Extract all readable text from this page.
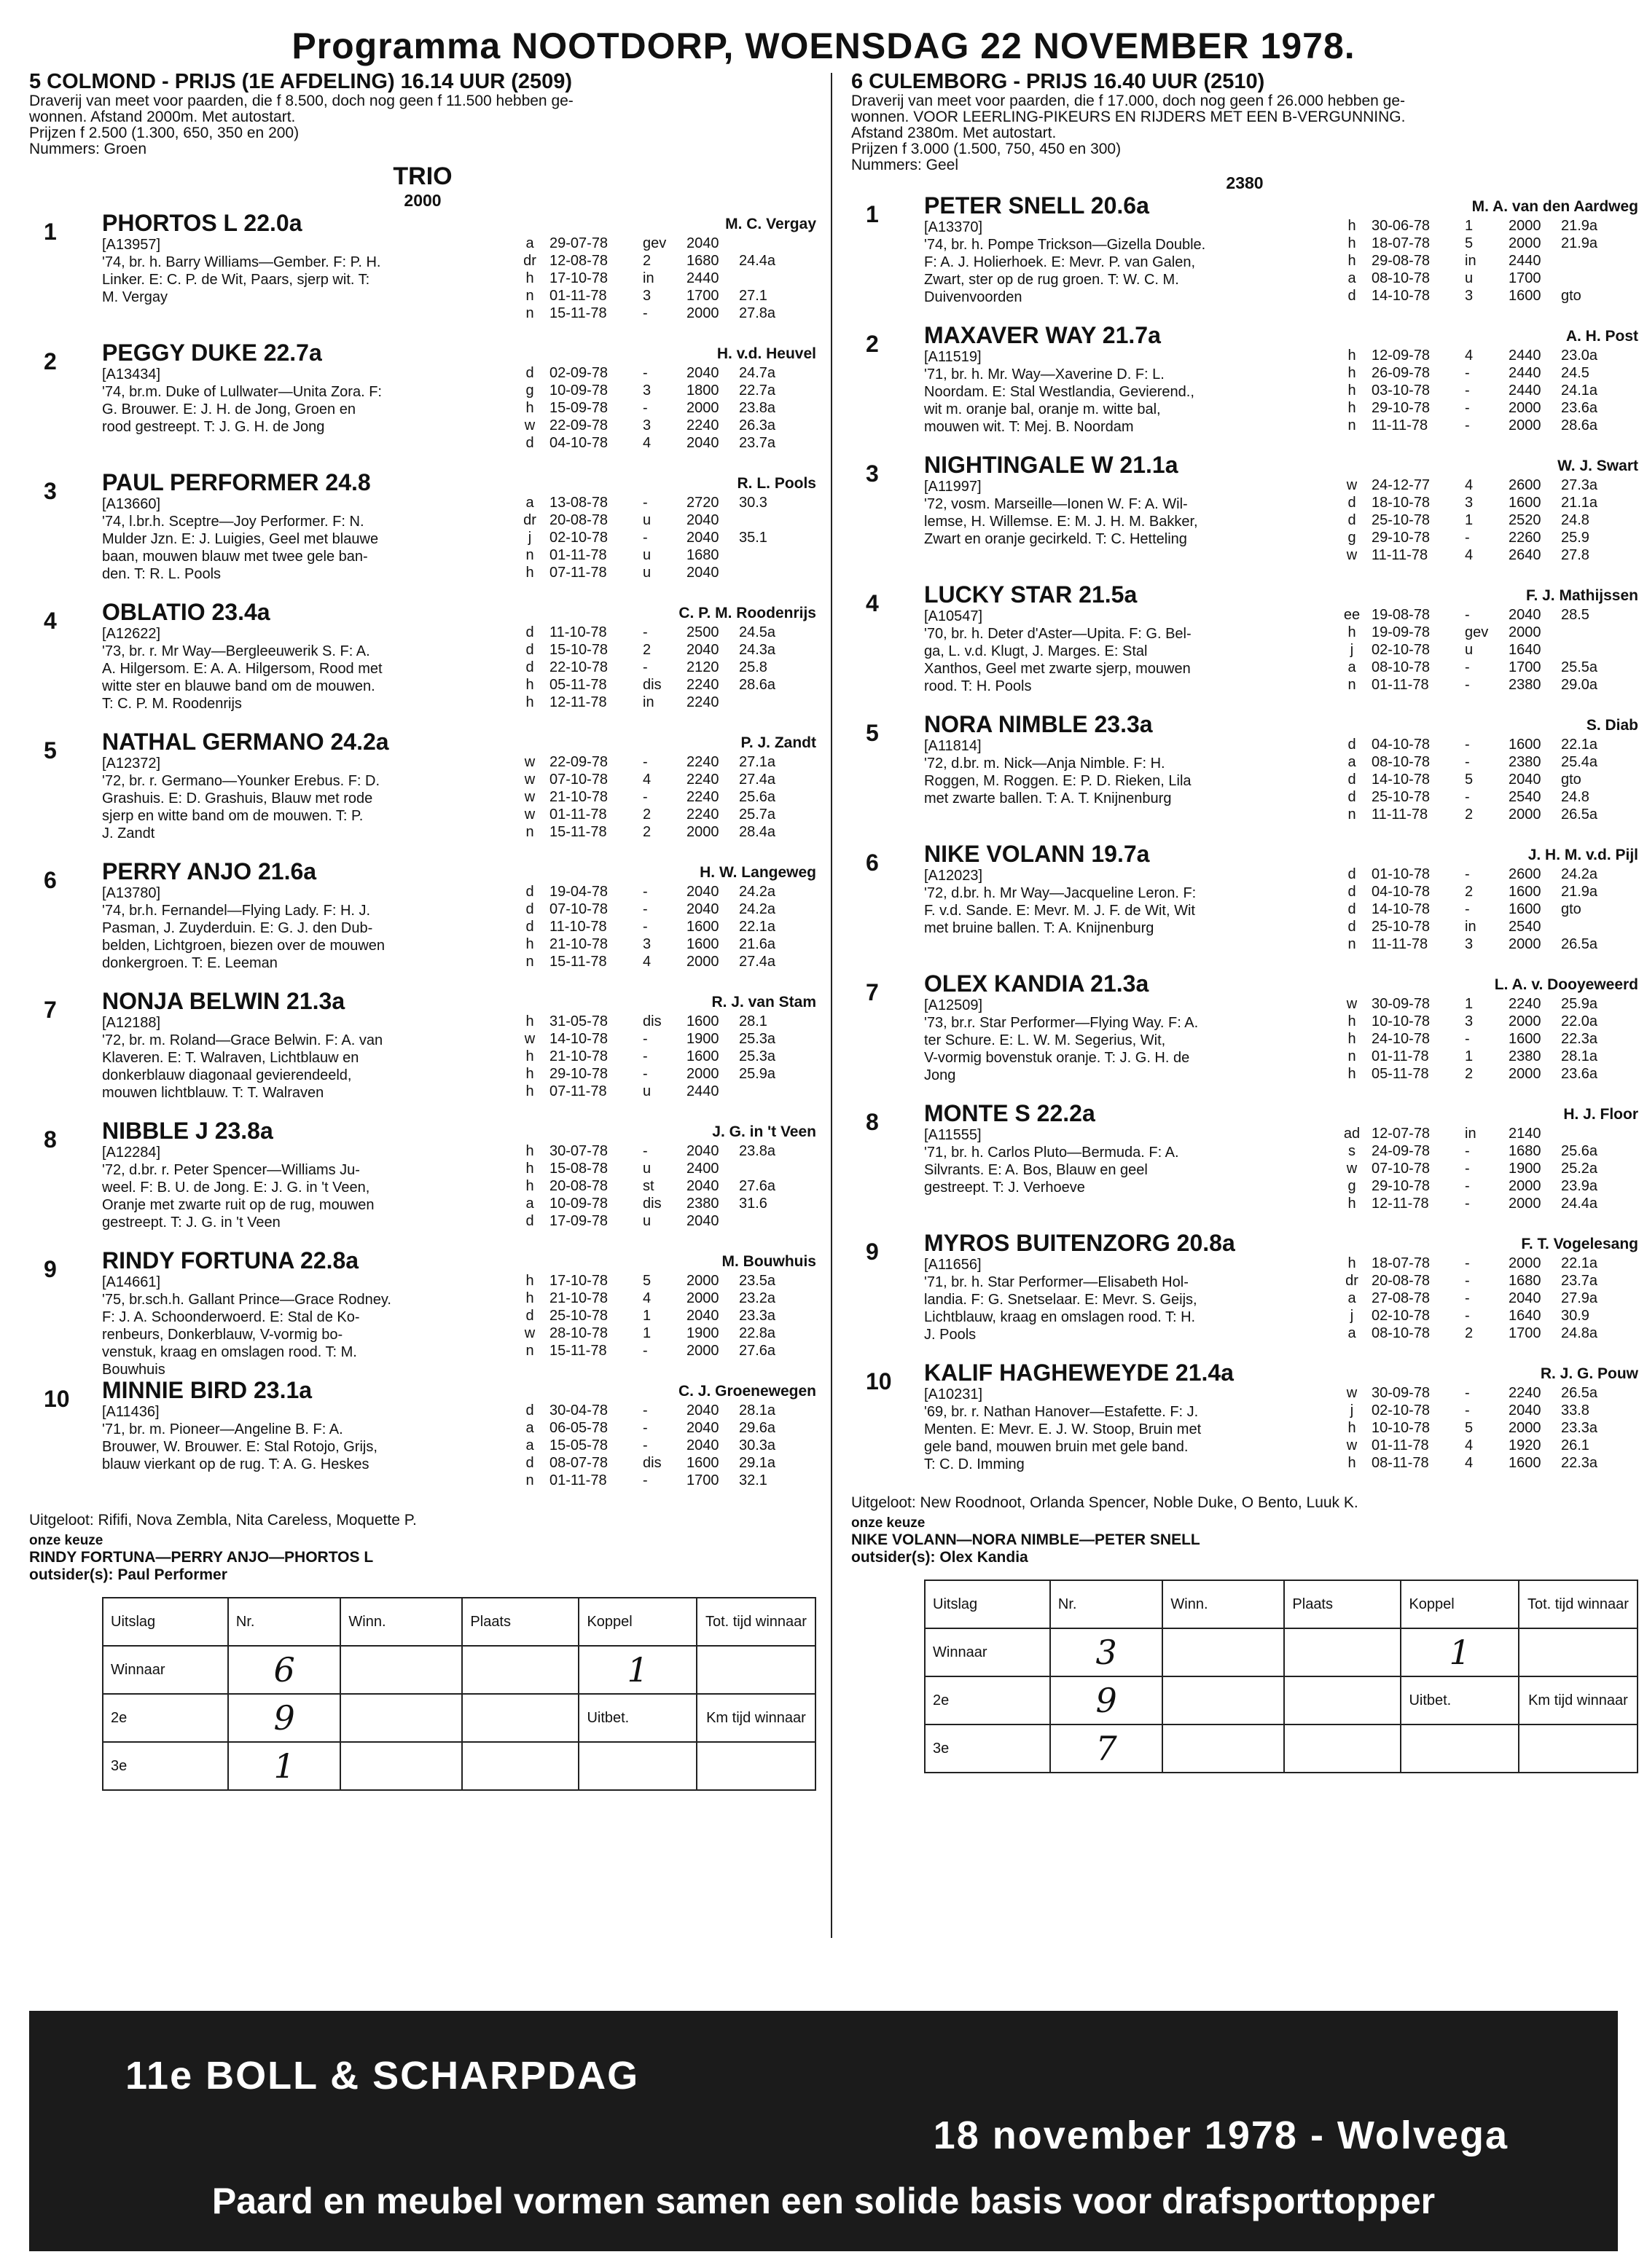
Programma NOOTDORP, WOENSDAG 22 NOVEMBER 1978.
5 COLMOND - PRIJS (1E AFDELING) 16.14 UUR (2509)
Draverij van meet voor paarden, die f 8.500, doch nog geen f 11.500 hebben ge-
wonnen. Afstand 2000m. Met autostart.
Prijzen f 2.500 (1.300, 650, 350 en 200)
Nummers: Groen
TRIO
2000
1 PHORTOS L 22.0a
[A13957]
'74, br. h. Barry Williams—Gember. F: P. H.
Linker. E: C. P. de Wit, Paars, sjerp wit. T:
M. Vergay
M. C. Vergay
a	29-07-78	gev	2040	
dr	12-08-78	2	1680	24.4a
h	17-10-78	in	2440	
n	01-11-78	3	1700	27.1
n	15-11-78	-	2000	27.8a
2 PEGGY DUKE 22.7a
[A13434]
'74, br.m. Duke of Lullwater—Unita Zora. F:
G. Brouwer. E: J. H. de Jong, Groen en
rood gestreept. T: J. G. H. de Jong
H. v.d. Heuvel
d	02-09-78	-	2040	24.7a
g	10-09-78	3	1800	22.7a
h	15-09-78	-	2000	23.8a
w	22-09-78	3	2240	26.3a
d	04-10-78	4	2040	23.7a
3 PAUL PERFORMER 24.8
[A13660]
'74, l.br.h. Sceptre—Joy Performer. F: N.
Mulder Jzn. E: J. Luigies, Geel met blauwe
baan, mouwen blauw met twee gele ban-
den. T: R. L. Pools
R. L. Pools
a	13-08-78	-	2720	30.3
dr	20-08-78	u	2040	
j	02-10-78	-	2040	35.1
n	01-11-78	u	1680	
h	07-11-78	u	2040	
4 OBLATIO 23.4a
[A12622]
'73, br. r. Mr Way—Bergleeuwerik S. F: A.
A. Hilgersom. E: A. A. Hilgersom, Rood met
witte ster en blauwe band om de mouwen.
T: C. P. M. Roodenrijs
C. P. M. Roodenrijs
d	11-10-78	-	2500	24.5a
d	15-10-78	2	2040	24.3a
d	22-10-78	-	2120	25.8
h	05-11-78	dis	2240	28.6a
h	12-11-78	in	2240	
5 NATHAL GERMANO 24.2a
[A12372]
'72, br. r. Germano—Younker Erebus. F: D.
Grashuis. E: D. Grashuis, Blauw met rode
sjerp en witte band om de mouwen. T: P.
J. Zandt
P. J. Zandt
w	22-09-78	-	2240	27.1a
w	07-10-78	4	2240	27.4a
w	21-10-78	-	2240	25.6a
w	01-11-78	2	2240	25.7a
n	15-11-78	2	2000	28.4a
6 PERRY ANJO 21.6a
[A13780]
'74, br.h. Fernandel—Flying Lady. F: H. J.
Pasman, J. Zuyderduin. E: G. J. den Dub-
belden, Lichtgroen, biezen over de mouwen
donkergroen. T: E. Leeman
H. W. Langeweg
d	19-04-78	-	2040	24.2a
d	07-10-78	-	2040	24.2a
d	11-10-78	-	1600	22.1a
h	21-10-78	3	1600	21.6a
n	15-11-78	4	2000	27.4a
7 NONJA BELWIN 21.3a
[A12188]
'72, br. m. Roland—Grace Belwin. F: A. van
Klaveren. E: T. Walraven, Lichtblauw en
donkerblauw diagonaal gevierendeeld,
mouwen lichtblauw. T: T. Walraven
R. J. van Stam
h	31-05-78	dis	1600	28.1
w	14-10-78	-	1900	25.3a
h	21-10-78	-	1600	25.3a
h	29-10-78	-	2000	25.9a
h	07-11-78	u	2440	
8 NIBBLE J 23.8a
[A12284]
'72, d.br. r. Peter Spencer—Williams Ju-
weel. F: B. U. de Jong. E: J. G. in 't Veen,
Oranje met zwarte ruit op de rug, mouwen
gestreept. T: J. G. in 't Veen
J. G. in 't Veen
h	30-07-78	-	2040	23.8a
h	15-08-78	u	2400	
h	20-08-78	st	2040	27.6a
a	10-09-78	dis	2380	31.6
d	17-09-78	u	2040	
9 RINDY FORTUNA 22.8a
[A14661]
'75, br.sch.h. Gallant Prince—Grace Rodney.
F: J. A. Schoonderwoerd. E: Stal de Ko-
renbeurs, Donkerblauw, V-vormig bo-
venstuk, kraag en omslagen rood. T: M.
Bouwhuis
M. Bouwhuis
h	17-10-78	5	2000	23.5a
h	21-10-78	4	2000	23.2a
d	25-10-78	1	2040	23.3a
w	28-10-78	1	1900	22.8a
n	15-11-78	-	2000	27.6a
10 MINNIE BIRD 23.1a
[A11436]
'71, br. m. Pioneer—Angeline B. F: A.
Brouwer, W. Brouwer. E: Stal Rotojo, Grijs,
blauw vierkant op de rug. T: A. G. Heskes
C. J. Groenewegen
d	30-04-78	-	2040	28.1a
a	06-05-78	-	2040	29.6a
a	15-05-78	-	2040	30.3a
d	08-07-78	dis	1600	29.1a
n	01-11-78	-	1700	32.1
Uitgeloot: Rififi, Nova Zembla, Nita Careless, Moquette P.
onze keuze
RINDY FORTUNA—PERRY ANJO—PHORTOS L
outsider(s): Paul Performer
Uitslag	Nr.	Winn.	Plaats	Koppel	Tot. tijd winnaar
Winnaar	6			1	
2e	9			Uitbet.	Km tijd winnaar
3e	1				
6 CULEMBORG - PRIJS 16.40 UUR (2510)
Draverij van meet voor paarden, die f 17.000, doch nog geen f 26.000 hebben ge-
wonnen. VOOR LEERLING-PIKEURS EN RIJDERS MET EEN B-VERGUNNING.
Afstand 2380m. Met autostart.
Prijzen f 3.000 (1.500, 750, 450 en 300)
Nummers: Geel
2380
1 PETER SNELL 20.6a
[A13370]
'74, br. h. Pompe Trickson—Gizella Double.
F: A. J. Holierhoek. E: Mevr. P. van Galen,
Zwart, ster op de rug groen. T: W. C. M.
Duivenvoorden
M. A. van den Aardweg
h	30-06-78	1	2000	21.9a
h	18-07-78	5	2000	21.9a
h	29-08-78	in	2440	
a	08-10-78	u	1700	
d	14-10-78	3	1600	gto
2 MAXAVER WAY 21.7a
[A11519]
'71, br. h. Mr. Way—Xaverine D. F: L.
Noordam. E: Stal Westlandia, Gevierend.,
wit m. oranje bal, oranje m. witte bal,
mouwen wit. T: Mej. B. Noordam
A. H. Post
h	12-09-78	4	2440	23.0a
h	26-09-78	-	2440	24.5
h	03-10-78	-	2440	24.1a
h	29-10-78	-	2000	23.6a
n	11-11-78	-	2000	28.6a
3 NIGHTINGALE W 21.1a
[A11997]
'72, vosm. Marseille—Ionen W. F: A. Wil-
lemse, H. Willemse. E: M. J. H. M. Bakker,
Zwart en oranje gecirkeld. T: C. Hetteling
W. J. Swart
w	24-12-77	4	2600	27.3a
d	18-10-78	3	1600	21.1a
d	25-10-78	1	2520	24.8
g	29-10-78	-	2260	25.9
w	11-11-78	4	2640	27.8
4 LUCKY STAR 21.5a
[A10547]
'70, br. h. Deter d'Aster—Upita. F: G. Bel-
ga, L. v.d. Klugt, J. Marges. E: Stal
Xanthos, Geel met zwarte sjerp, mouwen
rood. T: H. Pools
F. J. Mathijssen
ee	19-08-78	-	2040	28.5
h	19-09-78	gev	2000	
j	02-10-78	u	1640	
a	08-10-78	-	1700	25.5a
n	01-11-78	-	2380	29.0a
5 NORA NIMBLE 23.3a
[A11814]
'72, d.br. m. Nick—Anja Nimble. F: H.
Roggen, M. Roggen. E: P. D. Rieken, Lila
met zwarte ballen. T: A. T. Knijnenburg
S. Diab
d	04-10-78	-	1600	22.1a
a	08-10-78	-	2380	25.4a
d	14-10-78	5	2040	gto
d	25-10-78	-	2540	24.8
n	11-11-78	2	2000	26.5a
6 NIKE VOLANN 19.7a
[A12023]
'72, d.br. h. Mr Way—Jacqueline Leron. F:
F. v.d. Sande. E: Mevr. M. J. F. de Wit, Wit
met bruine ballen. T: A. Knijnenburg
J. H. M. v.d. Pijl
d	01-10-78	-	2600	24.2a
d	04-10-78	2	1600	21.9a
d	14-10-78	-	1600	gto
d	25-10-78	in	2540	
n	11-11-78	3	2000	26.5a
7 OLEX KANDIA 21.3a
[A12509]
'73, br.r. Star Performer—Flying Way. F: A.
ter Schure. E: L. W. M. Segerius, Wit,
V-vormig bovenstuk oranje. T: J. G. H. de
Jong
L. A. v. Dooyeweerd
w	30-09-78	1	2240	25.9a
h	10-10-78	3	2000	22.0a
h	24-10-78	-	1600	22.3a
n	01-11-78	1	2380	28.1a
h	05-11-78	2	2000	23.6a
8 MONTE S 22.2a
[A11555]
'71, br. h. Carlos Pluto—Bermuda. F: A.
Silvrants. E: A. Bos, Blauw en geel
gestreept. T: J. Verhoeve
H. J. Floor
ad	12-07-78	in	2140	
s	24-09-78	-	1680	25.6a
w	07-10-78	-	1900	25.2a
g	29-10-78	-	2000	23.9a
h	12-11-78	-	2000	24.4a
9 MYROS BUITENZORG 20.8a
[A11656]
'71, br. h. Star Performer—Elisabeth Hol-
landia. F: G. Snetselaar. E: Mevr. S. Geijs,
Lichtblauw, kraag en omslagen rood. T: H.
J. Pools
F. T. Vogelesang
h	18-07-78	-	2000	22.1a
dr	20-08-78	-	1680	23.7a
a	27-08-78	-	2040	27.9a
j	02-10-78	-	1640	30.9
a	08-10-78	2	1700	24.8a
10 KALIF HAGHEWEYDE 21.4a
[A10231]
'69, br. r. Nathan Hanover—Estafette. F: J.
Menten. E: Mevr. E. J. W. Stoop, Bruin met
gele band, mouwen bruin met gele band.
T: C. D. Imming
R. J. G. Pouw
w	30-09-78	-	2240	26.5a
j	02-10-78	-	2040	33.8
h	10-10-78	5	2000	23.3a
w	01-11-78	4	1920	26.1
h	08-11-78	4	1600	22.3a
Uitgeloot: New Roodnoot, Orlanda Spencer, Noble Duke, O Bento, Luuk K.
onze keuze
NIKE VOLANN—NORA NIMBLE—PETER SNELL
outsider(s): Olex Kandia
Uitslag	Nr.	Winn.	Plaats	Koppel	Tot. tijd winnaar
Winnaar	3			1	
2e	9			Uitbet.	Km tijd winnaar
3e	7				
11e BOLL & SCHARPDAG
18 november 1978 - Wolvega
Paard en meubel vormen samen een solide basis voor drafsporttopper
